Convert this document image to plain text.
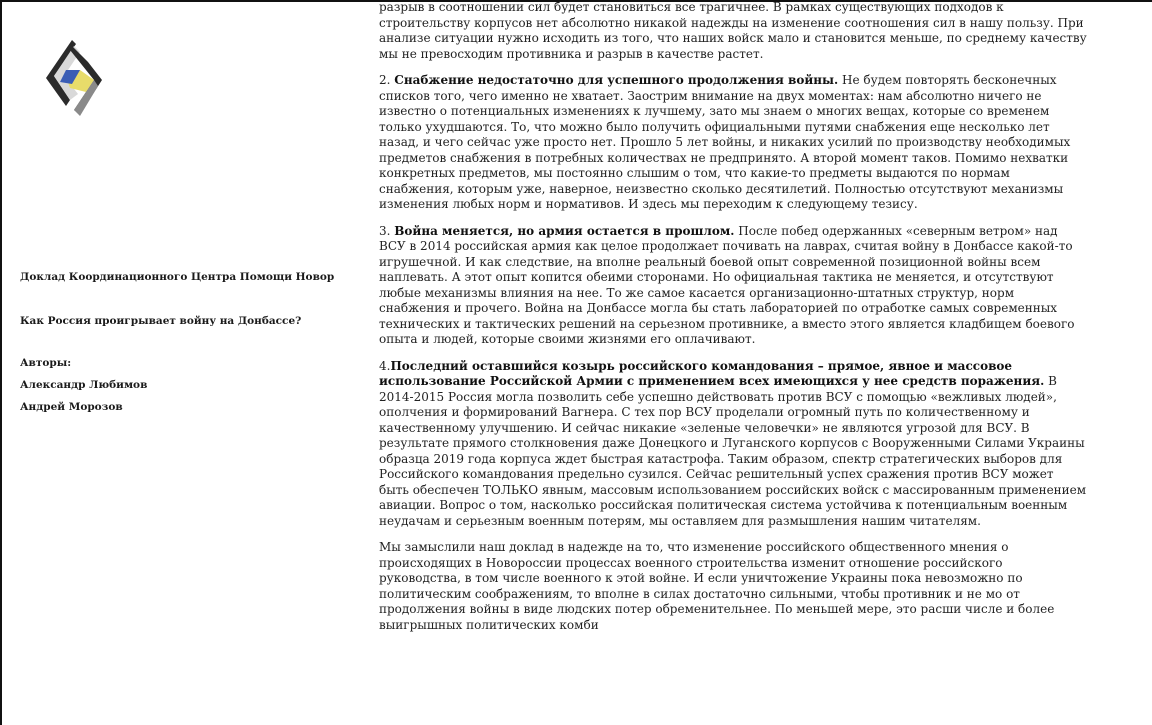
Доклад Координационного Центра Помощи Новор
Как Россия проигрывает войну на Донбассе?
Авторы:
Александр Любимов
Андрей Морозов

разрыв в соотношении сил будет становиться все трагичнее. В рамках существующих подходов к строительству корпусов нет абсолютно никакой надежды на изменение соотношения сил в нашу пользу. При анализе ситуации нужно исходить из того, что наших войск мало и становится меньше, по среднему качеству мы не превосходим противника и разрыв в качестве растет.

2. Снабжение недостаточно для успешного продолжения войны. Не будем повторять бесконечных списков того, чего именно не хватает. Заострим внимание на двух моментах: нам абсолютно ничего не известно о потенциальных изменениях к лучшему, зато мы знаем о многих вещах, которые со временем только ухудшаются. То, что можно было получить официальными путями снабжения еще несколько лет назад, и чего сейчас уже просто нет. Прошло 5 лет войны, и никаких усилий по производству необходимых предметов снабжения в потребных количествах не предпринято. А второй момент таков. Помимо нехватки конкретных предметов, мы постоянно слышим о том, что какие-то предметы выдаются по нормам снабжения, которым уже, наверное, неизвестно сколько десятилетий. Полностью отсутствуют механизмы изменения любых норм и нормативов. И здесь мы переходим к следующему тезису.

3. Война меняется, но армия остается в прошлом. После побед одержанных «северным ветром» над ВСУ в 2014 российская армия как целое продолжает почивать на лаврах, считая войну в Донбассе какой-то игрушечной. И как следствие, на вполне реальный боевой опыт современной позиционной войны всем наплевать. А этот опыт копится обеими сторонами. Но официальная тактика не меняется, и отсутствуют любые механизмы влияния на нее. То же самое касается организационно-штатных структур, норм снабжения и прочего. Война на Донбассе могла бы стать лабораторией по отработке самых современных технических и тактических решений на серьезном противнике, а вместо этого является кладбищем боевого опыта и людей, которые своими жизнями его оплачивают.

4.Последний оставшийся козырь российского командования – прямое, явное и массовое использование Российской Армии с применением всех имеющихся у нее средств поражения. В 2014-2015 Россия могла позволить себе успешно действовать против ВСУ с помощью «вежливых людей», ополчения и формирований Вагнера. С тех пор ВСУ проделали огромный путь по количественному и качественному улучшению. И сейчас никакие «зеленые человечки» не являются угрозой для ВСУ. В результате прямого столкновения даже Донецкого и Луганского корпусов с Вооруженными Силами Украины образца 2019 года корпуса ждет быстрая катастрофа. Таким образом, спектр стратегических выборов для Российского командования предельно сузился. Сейчас решительный успех сражения против ВСУ может быть обеспечен ТОЛЬКО явным, массовым использованием российских войск с массированным применением авиации. Вопрос о том, насколько российская политическая система устойчива к потенциальным военным неудачам и серьезным военным потерям, мы оставляем для размышления нашим читателям.

Мы замыслили наш доклад в надежде на то, что изменение российского общественного мнения о происходящих в Новороссии процессах военного строительства изменит отношение российского руководства, в том числе военного к этой войне. И если уничтожение Украины пока невозможно по политическим соображениям, то вполне в силах достаточно сильными, чтобы противник и не мо от продолжения войны в виде людских потер обременительнее. По меньшей мере, это расши числе и более выигрышных политических комби
